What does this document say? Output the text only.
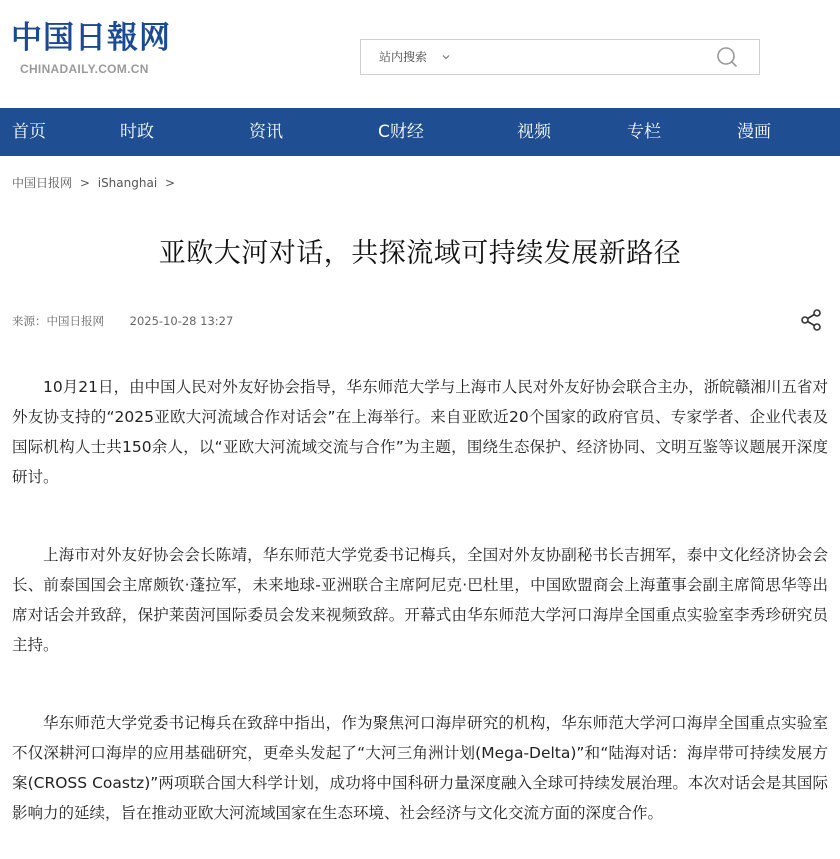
中国日報网
CHINADAILY.COM.CN
站内搜索
首页	时政	资讯	C财经	视频	专栏	漫画
中国日报网 > iShanghai >
亚欧大河对话，共探流域可持续发展新路径
来源：中国日报网 2025-10-28 13:27

10月21日，由中国人民对外友好协会指导，华东师范大学与上海市人民对外友好协会联合主办，浙皖赣湘川五省对外友协支持的“2025亚欧大河流域合作对话会”在上海举行。来自亚欧近20个国家的政府官员、专家学者、企业代表及国际机构人士共150余人，以“亚欧大河流域交流与合作”为主题，围绕生态保护、经济协同、文明互鉴等议题展开深度研讨。

上海市对外友好协会会长陈靖，华东师范大学党委书记梅兵，全国对外友协副秘书长吉拥军，泰中文化经济协会会长、前泰国国会主席颇钦·蓬拉军，未来地球-亚洲联合主席阿尼克·巴杜里，中国欧盟商会上海董事会副主席简思华等出席对话会并致辞，保护莱茵河国际委员会发来视频致辞。开幕式由华东师范大学河口海岸全国重点实验室李秀珍研究员主持。

华东师范大学党委书记梅兵在致辞中指出，作为聚焦河口海岸研究的机构，华东师范大学河口海岸全国重点实验室不仅深耕河口海岸的应用基础研究，更牵头发起了“大河三角洲计划(Mega-Delta)”和“陆海对话：海岸带可持续发展方案(CROSS Coastz)”两项联合国大科学计划，成功将中国科研力量深度融入全球可持续发展治理。本次对话会是其国际影响力的延续，旨在推动亚欧大河流域国家在生态环境、社会经济与文化交流方面的深度合作。
